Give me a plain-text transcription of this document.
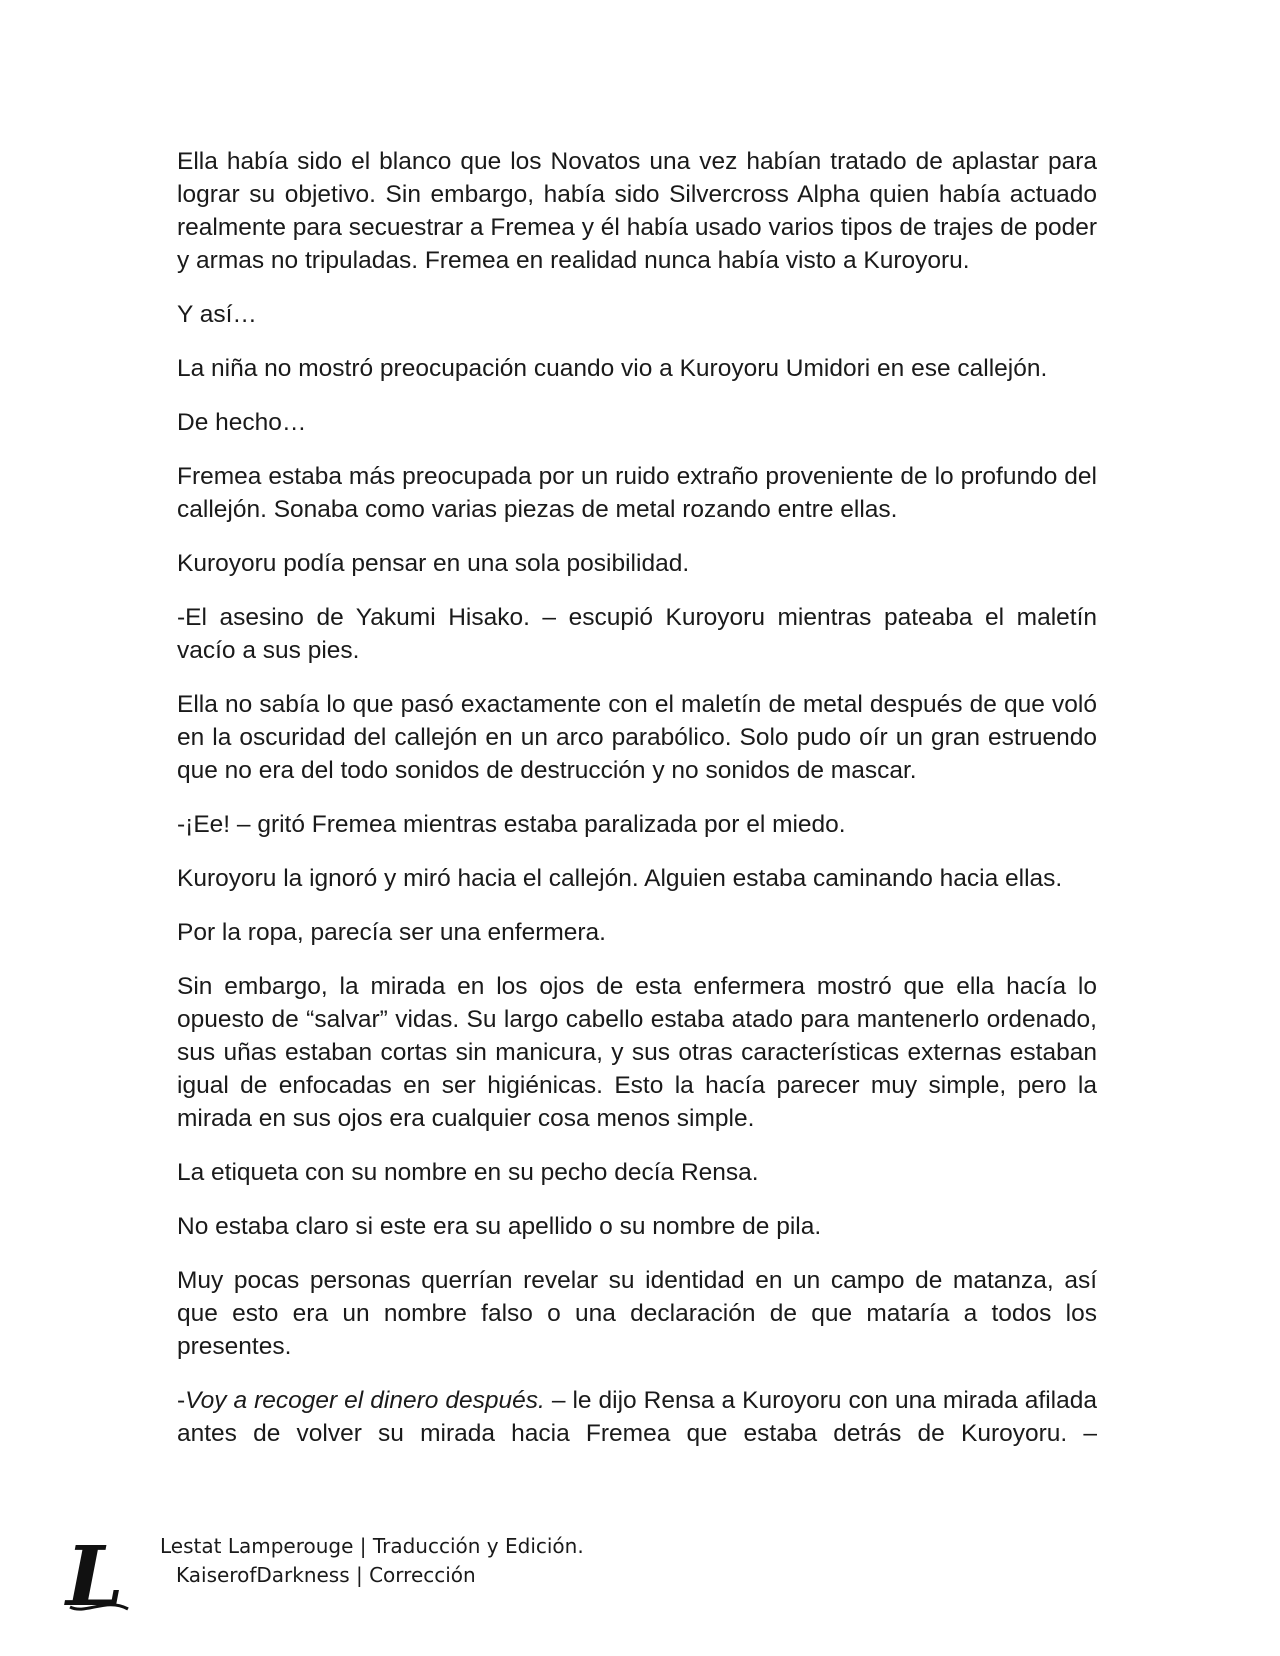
Ella había sido el blanco que los Novatos una vez habían tratado de aplastar para lograr su objetivo. Sin embargo, había sido Silvercross Alpha quien había actuado realmente para secuestrar a Fremea y él había usado varios tipos de trajes de poder y armas no tripuladas. Fremea en realidad nunca había visto a Kuroyoru.

Y así…

La niña no mostró preocupación cuando vio a Kuroyoru Umidori en ese callejón.

De hecho…

Fremea estaba más preocupada por un ruido extraño proveniente de lo profundo del callejón. Sonaba como varias piezas de metal rozando entre ellas.

Kuroyoru podía pensar en una sola posibilidad.

-El asesino de Yakumi Hisako. – escupió Kuroyoru mientras pateaba el maletín vacío a sus pies.

Ella no sabía lo que pasó exactamente con el maletín de metal después de que voló en la oscuridad del callejón en un arco parabólico. Solo pudo oír un gran estruendo que no era del todo sonidos de destrucción y no sonidos de mascar.

-¡Ee! – gritó Fremea mientras estaba paralizada por el miedo.

Kuroyoru la ignoró y miró hacia el callejón. Alguien estaba caminando hacia ellas.

Por la ropa, parecía ser una enfermera.

Sin embargo, la mirada en los ojos de esta enfermera mostró que ella hacía lo opuesto de “salvar” vidas. Su largo cabello estaba atado para mantenerlo ordenado, sus uñas estaban cortas sin manicura, y sus otras características externas estaban igual de enfocadas en ser higiénicas. Esto la hacía parecer muy simple, pero la mirada en sus ojos era cualquier cosa menos simple.

La etiqueta con su nombre en su pecho decía Rensa.

No estaba claro si este era su apellido o su nombre de pila.

Muy pocas personas querrían revelar su identidad en un campo de matanza, así que esto era un nombre falso o una declaración de que mataría a todos los presentes.

-Voy a recoger el dinero después. – le dijo Rensa a Kuroyoru con una mirada afilada antes de volver su mirada hacia Fremea que estaba detrás de Kuroyoru. –

L Lestat Lamperouge | Traducción y Edición.
KaiserofDarkness | Corrección
